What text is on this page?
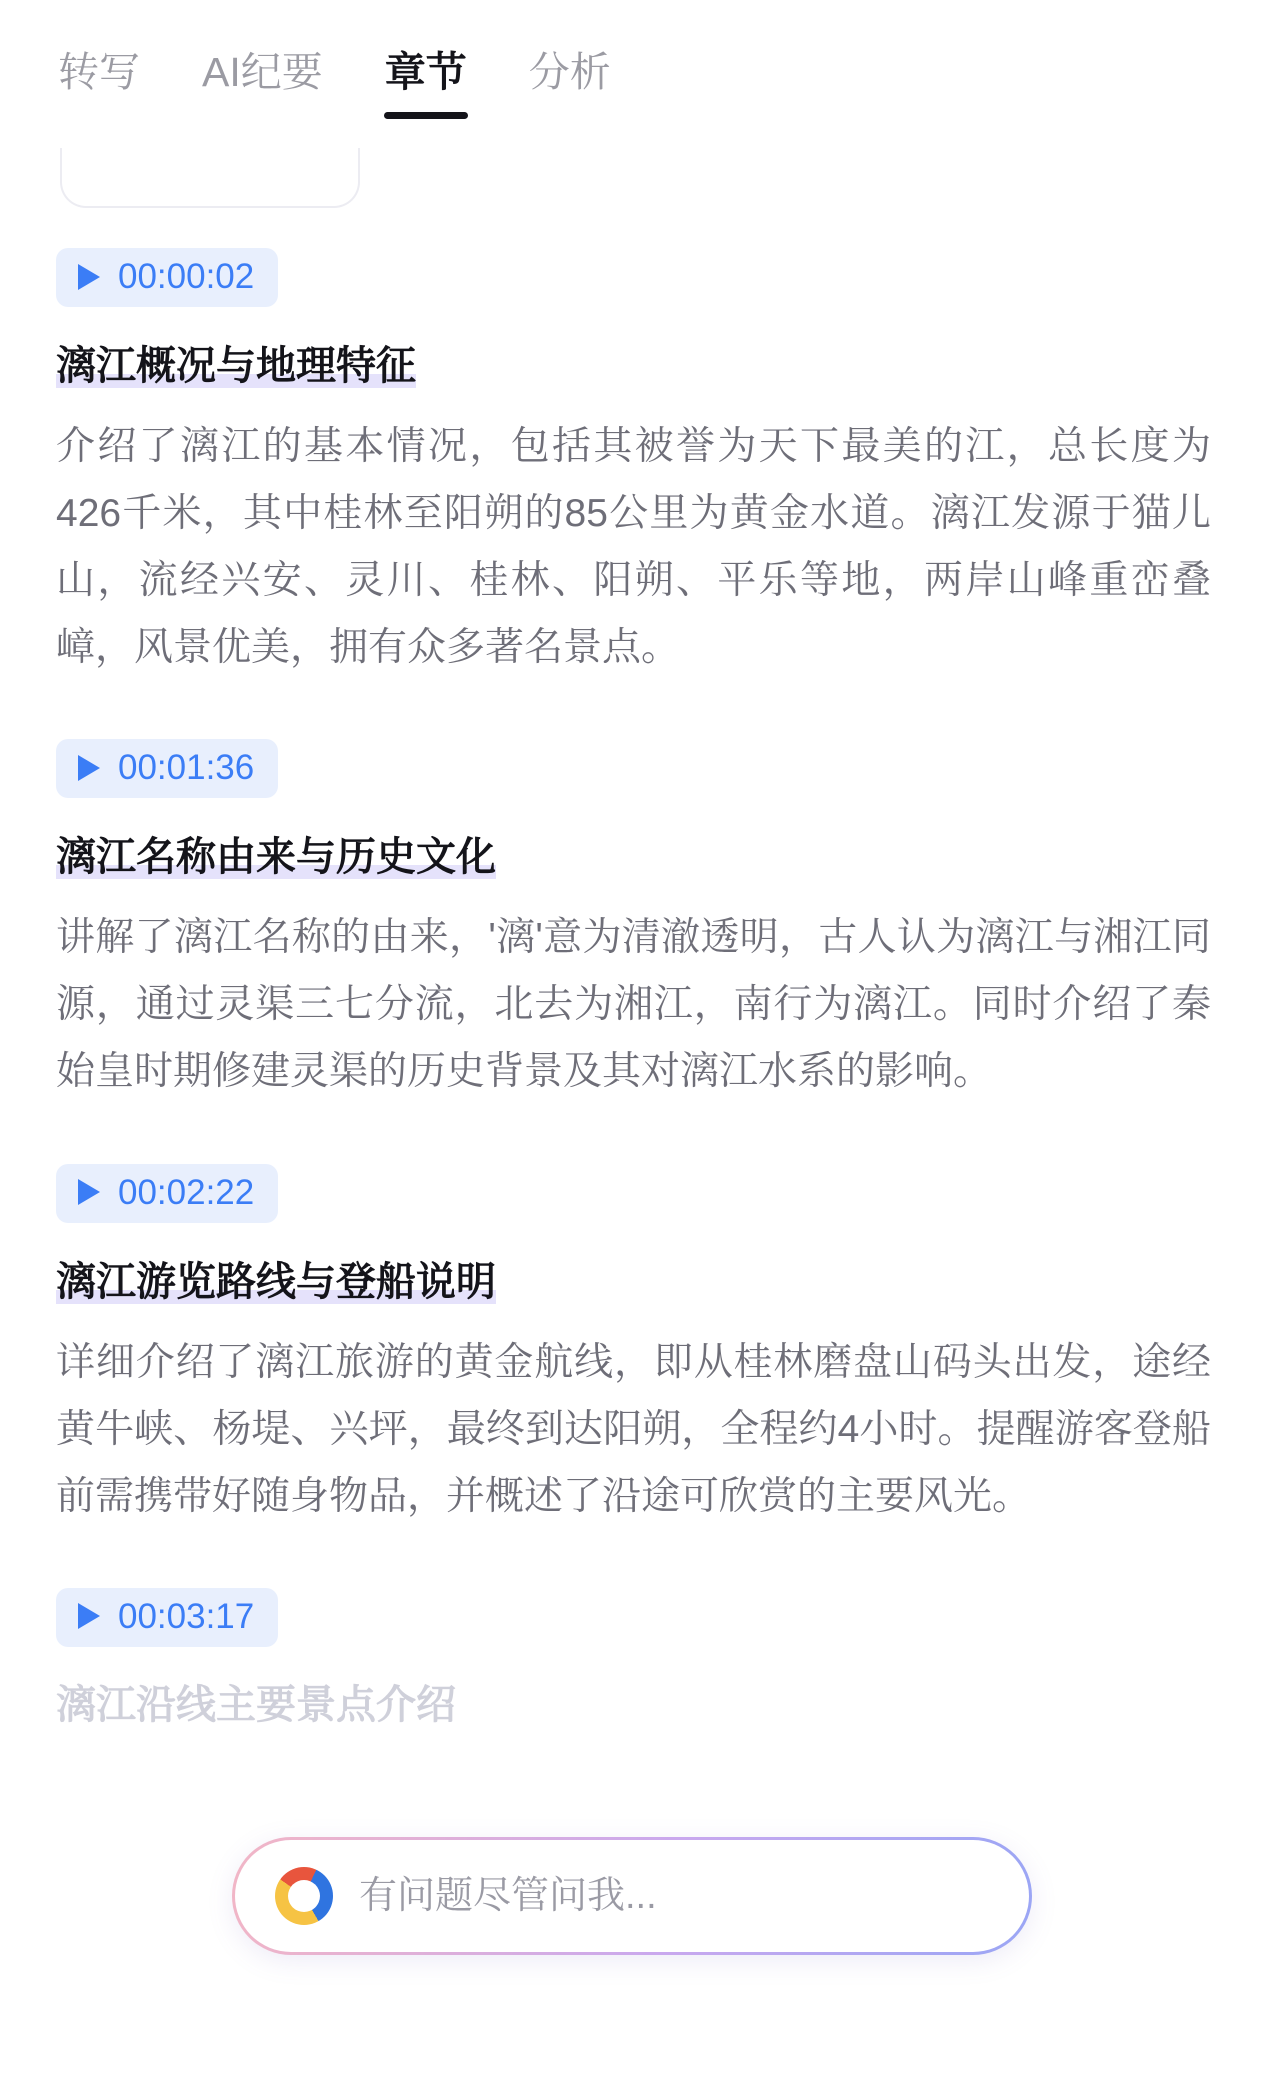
转写 AI纪要 章节 分析
00:00:02
漓江概况与地理特征

介绍了漓江的基本情况，包括其被誉为天下最美的江，总长度为426千米，其中桂林至阳朔的85公里为黄金水道。漓江发源于猫儿山，流经兴安、灵川、桂林、阳朔、平乐等地，两岸山峰重峦叠嶂，风景优美，拥有众多著名景点。

00:01:36
漓江名称由来与历史文化

讲解了漓江名称的由来，'漓'意为清澈透明，古人认为漓江与湘江同源，通过灵渠三七分流，北去为湘江，南行为漓江。同时介绍了秦始皇时期修建灵渠的历史背景及其对漓江水系的影响。

00:02:22
漓江游览路线与登船说明

详细介绍了漓江旅游的黄金航线，即从桂林磨盘山码头出发，途经黄牛峡、杨堤、兴坪，最终到达阳朔，全程约4小时。提醒游客登船前需携带好随身物品，并概述了沿途可欣赏的主要风光。

00:03:17
漓江沿线主要景点介绍
有问题尽管问我...
